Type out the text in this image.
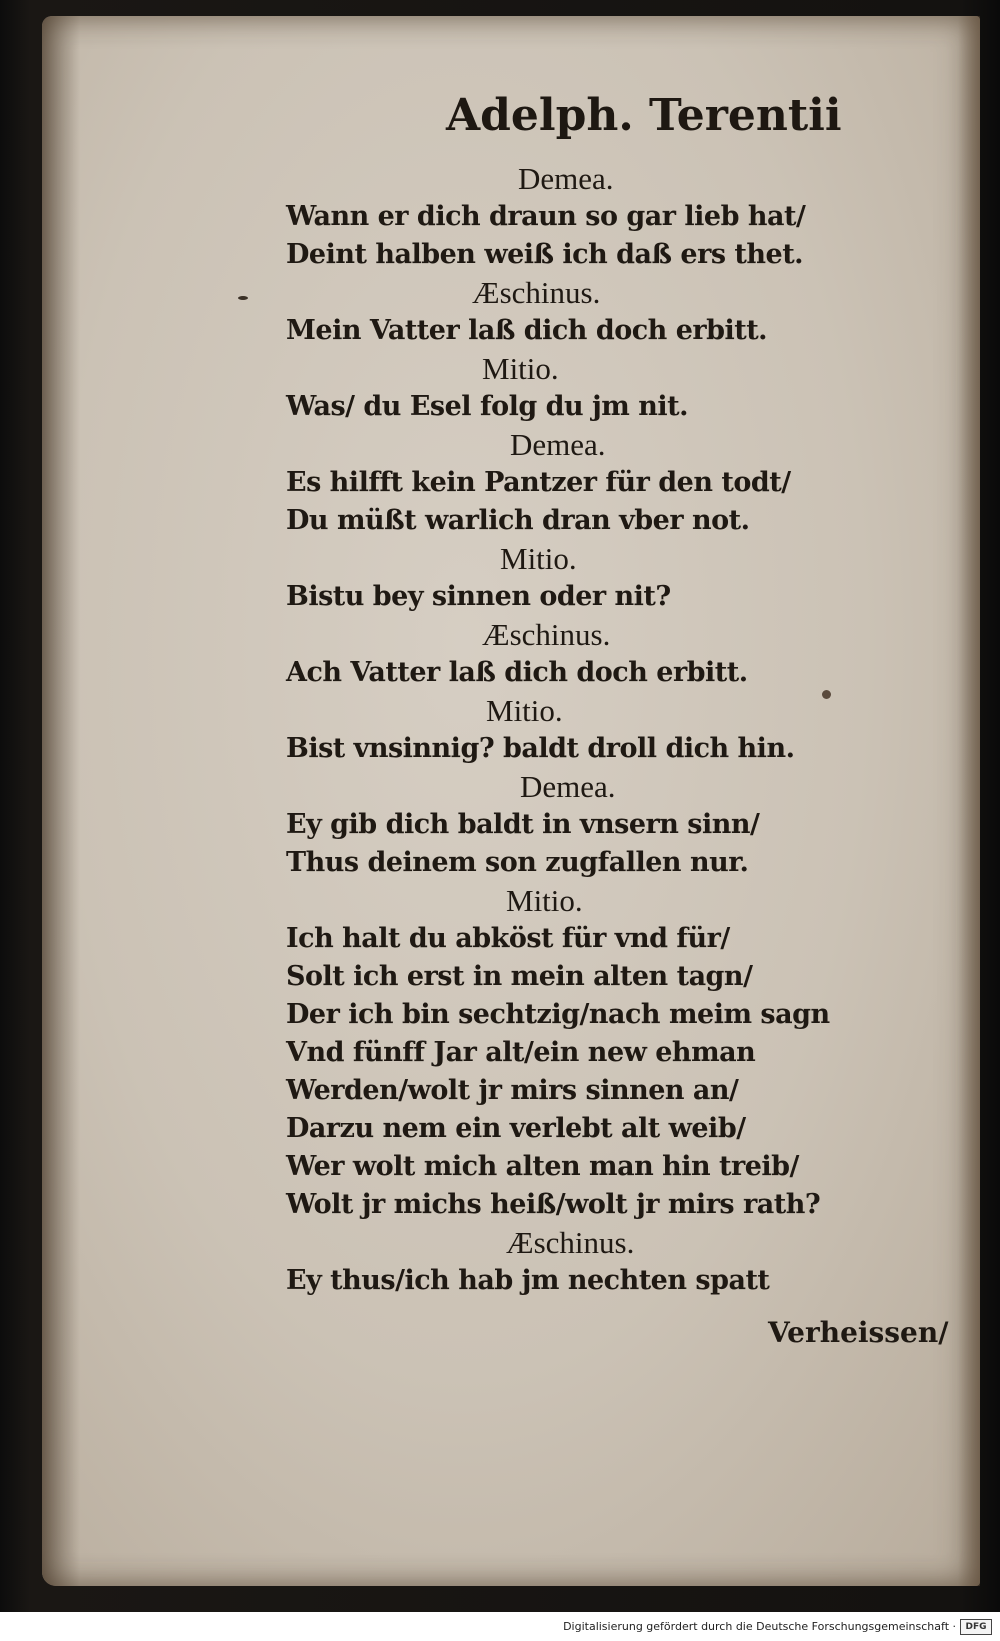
Adelph. Terentii
Demea.
Wann er dich draun so gar lieb hat/
Deint halben weiß ich daß ers thet.
Æschinus.
Mein Vatter laß dich doch erbitt.
Mitio.
Was/ du Esel folg du jm nit.
Demea.
Es hilfft kein Pantzer für den todt/
Du müßt warlich dran vber not.
Mitio.
Bistu bey sinnen oder nit?
Æschinus.
Ach Vatter laß dich doch erbitt.
Mitio.
Bist vnsinnig? baldt droll dich hin.
Demea.
Ey gib dich baldt in vnsern sinn/
Thus deinem son zugfallen nur.
Mitio.
Ich halt du abköst für vnd für/
Solt ich erst in mein alten tagn/
Der ich bin sechtzig/nach meim sagn
Vnd fünff Jar alt/ein new ehman
Werden/wolt jr mirs sinnen an/
Darzu nem ein verlebt alt weib/
Wer wolt mich alten man hin treib/
Wolt jr michs heiß/wolt jr mirs rath?
Æschinus.
Ey thus/ich hab jm nechten spatt
Verheissen/
Digitalisierung gefördert durch die Deutsche Forschungsgemeinschaft ·	DFG
